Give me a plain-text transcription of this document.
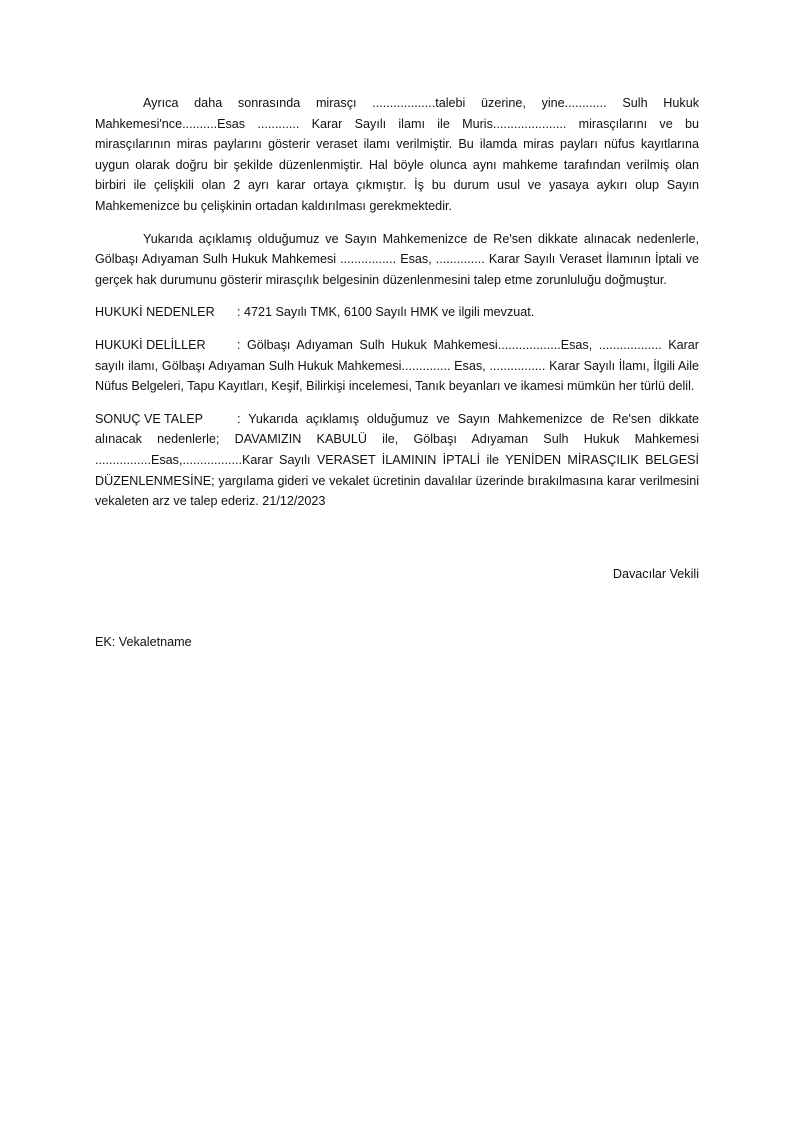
Ayrıca daha sonrasında mirasçı ..................talebi üzerine, yine............ Sulh Hukuk Mahkemesi'nce..........Esas ............ Karar Sayılı ilamı ile Muris..................... mirasçılarını ve bu mirasçılarının miras paylarını gösterir veraset ilamı verilmiştir. Bu ilamda miras payları nüfus kayıtlarına uygun olarak doğru bir şekilde düzenlenmiştir. Hal böyle olunca aynı mahkeme tarafından verilmiş olan birbiri ile çelişkili olan 2 ayrı karar ortaya çıkmıştır. İş bu durum usul ve yasaya aykırı olup Sayın Mahkemenizce bu çelişkinin ortadan kaldırılması gerekmektedir.

Yukarıda açıklamış olduğumuz ve Sayın Mahkemenizce de Re'sen dikkate alınacak nedenlerle, Gölbaşı Adıyaman Sulh Hukuk Mahkemesi ................ Esas, .............. Karar Sayılı Veraset İlamının İptali ve gerçek hak durumunu gösterir mirasçılık belgesinin düzenlenmesini talep etme zorunluluğu doğmuştur.

HUKUKİ NEDENLER : 4721 Sayılı TMK, 6100 Sayılı HMK ve ilgili mevzuat.

HUKUKİ DELİLLER : Gölbaşı Adıyaman Sulh Hukuk Mahkemesi..................Esas, .................. Karar sayılı ilamı, Gölbaşı Adıyaman Sulh Hukuk Mahkemesi.............. Esas, ................ Karar Sayılı İlamı, İlgili Aile Nüfus Belgeleri, Tapu Kayıtları, Keşif, Bilirkişi incelemesi, Tanık beyanları ve ikamesi mümkün her türlü delil.

SONUÇ VE TALEP	: Yukarıda açıklamış olduğumuz ve Sayın Mahkemenizce de Re'sen dikkate alınacak nedenlerle; DAVAMIZIN KABULÜ ile, Gölbaşı Adıyaman Sulh Hukuk Mahkemesi ................Esas,.................Karar Sayılı VERASET İLAMININ İPTALİ ile YENİDEN MİRASÇILIK BELGESİ DÜZENLENMESİNE; yargılama gideri ve vekalet ücretinin davalılar üzerinde bırakılmasına karar verilmesini vekaleten arz ve talep ederiz. 21/12/2023

Davacılar Vekili

EK: Vekaletname
